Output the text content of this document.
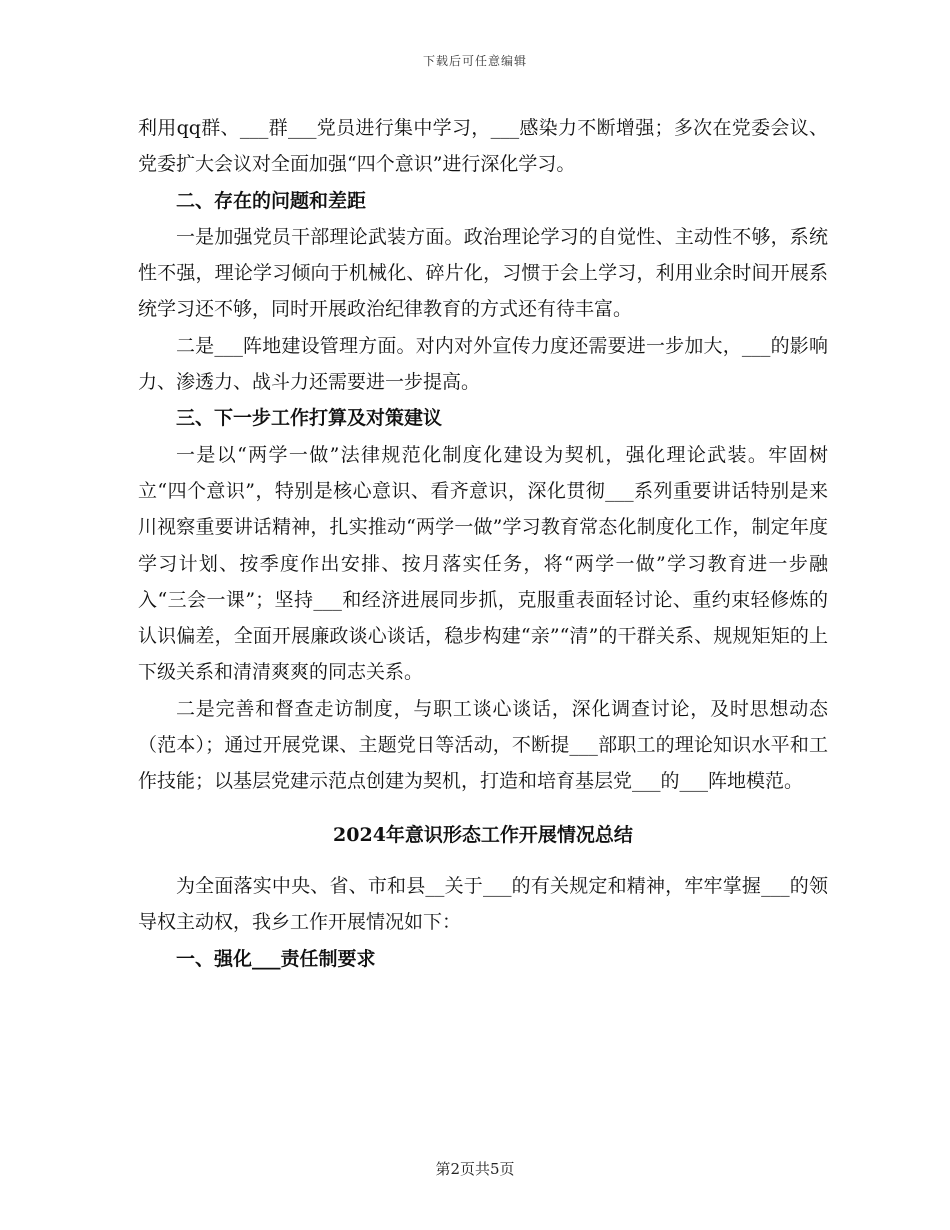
下载后可任意编辑

利用qq群、___群___党员进行集中学习，___感染力不断增强；多次在党委会议、党委扩大会议对全面加强“四个意识”进行深化学习。

二、存在的问题和差距

一是加强党员干部理论武装方面。政治理论学习的自觉性、主动性不够，系统性不强，理论学习倾向于机械化、碎片化，习惯于会上学习，利用业余时间开展系统学习还不够，同时开展政治纪律教育的方式还有待丰富。

二是___阵地建设管理方面。对内对外宣传力度还需要进一步加大，___的影响力、渗透力、战斗力还需要进一步提高。

三、下一步工作打算及对策建议

一是以“两学一做”法律规范化制度化建设为契机，强化理论武装。牢固树立“四个意识”，特别是核心意识、看齐意识，深化贯彻___系列重要讲话特别是来川视察重要讲话精神，扎实推动“两学一做”学习教育常态化制度化工作，制定年度学习计划、按季度作出安排、按月落实任务，将“两学一做”学习教育进一步融入“三会一课”；坚持___和经济进展同步抓，克服重表面轻讨论、重约束轻修炼的认识偏差，全面开展廉政谈心谈话，稳步构建“亲”“清”的干群关系、规规矩矩的上下级关系和清清爽爽的同志关系。

二是完善和督查走访制度，与职工谈心谈话，深化调查讨论，及时思想动态（范本）；通过开展党课、主题党日等活动，不断提___部职工的理论知识水平和工作技能；以基层党建示范点创建为契机，打造和培育基层党___的___阵地模范。

2024年意识形态工作开展情况总结

为全面落实中央、省、市和县__关于___的有关规定和精神，牢牢掌握___的领导权主动权，我乡工作开展情况如下：

一、强化___责任制要求

第2页共5页
